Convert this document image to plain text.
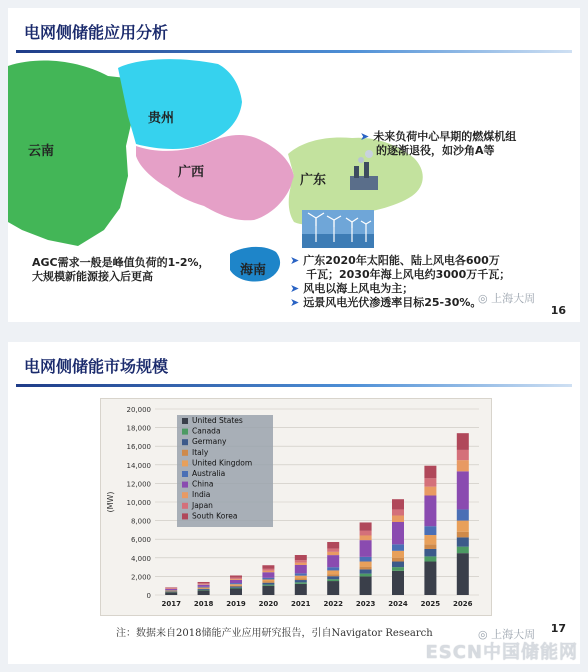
电网侧储能应用分析
云南
贵州
广西
广东
海南
➤ 未来负荷中心早期的燃煤机组
的逐渐退役，如沙角A等
AGC需求一般是峰值负荷的1-2%，
大规模新能源接入后更高
➤ 广东2020年太阳能、陆上风电各600万
千瓦；2030年海上风电约3000万千瓦；
➤ 风电以海上风电为主；
➤ 远景风电光伏渗透率目标25-30%。
◎ 上海大周
16
电网侧储能市场规模
0
2,000
4,000
6,000
8,000
10,000
12,000
14,000
16,000
18,000
20,000
(MW)
2017 2018 2019 2020 2021 2022 2023 2024 2025 2026
United States
Canada
Germany
Italy
United Kingdom
Australia
China
India
Japan
South Korea
注：数据来自2018储能产业应用研究报告，引自Navigator Research	◎ 上海大周 17
ESCN中国储能网
